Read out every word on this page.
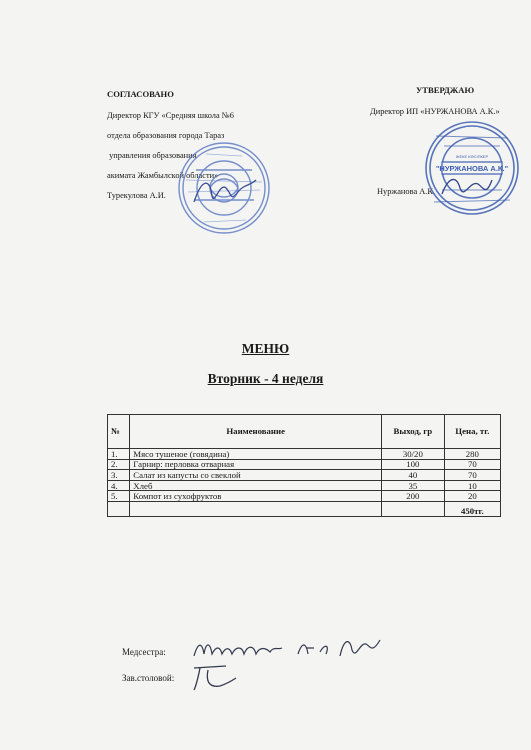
СОГЛАСОВАНО
Директор КГУ «Средняя школа №6
отдела образования города Тараз
управления образования
акимата Жамбылской области»
Турекулова А.И.
УТВЕРДЖАЮ
Директор ИП «НУРЖАНОВА А.К.»
Нуржанова А.К.
"НУРЖАНОВА А.К."
ЖЕКЕ КӘСІПКЕР
МЕНЮ
Вторник - 4 неделя
№	Наименование	Выход, гр	Цена, тг.
1.	Мясо тушеное (говядина)	30/20	280
2.	Гарнир: перловка отварная	100	70
3.	Салат из капусты со свеклой	40	70
4.	Хлеб	35	10
5.	Компот из сухофруктов	200	20
			450тг.
Медсестра:
Зав.столовой:
